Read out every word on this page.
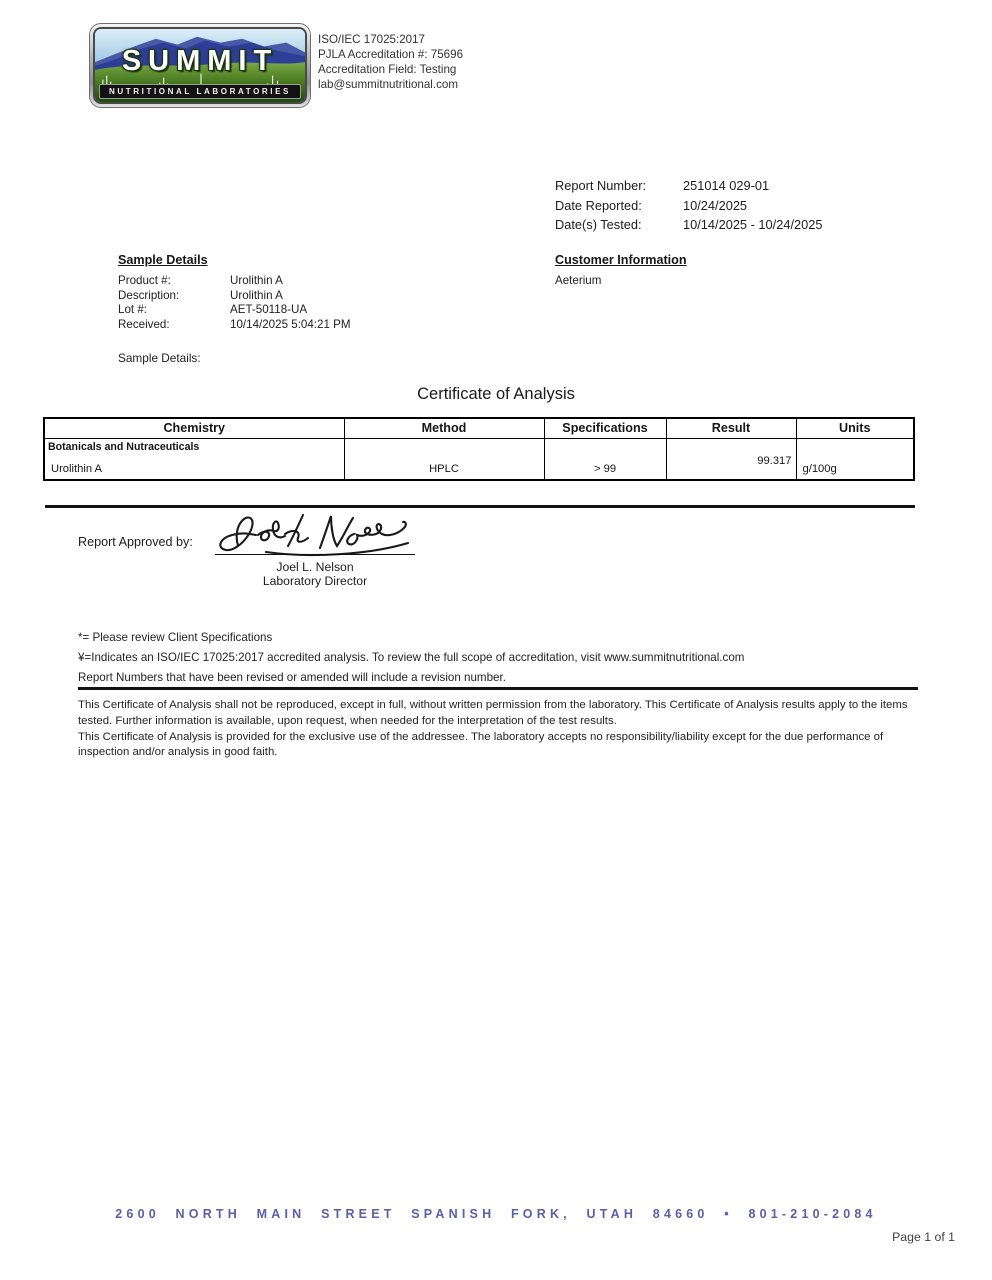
SUMMIT
NUTRITIONAL LABORATORIES
ISO/IEC 17025:2017
PJLA Accreditation #: 75696
Accreditation Field: Testing
lab@summitnutritional.com
Report Number:	251014 029-01
Date Reported:	10/24/2025
Date(s) Tested:	10/14/2025 - 10/24/2025
Sample Details	Customer Information
Product #:	Urolithin A
Description:	Urolithin A
Lot #:	AET-50118-UA
Received:	10/14/2025 5:04:21 PM
Aeterium
Sample Details:
Certificate of Analysis
Chemistry	Method	Specifications	Result	Units

Botanicals and Nutraceuticals
Urolithin A	HPLC	> 99	99.317	g/100g
Report Approved by:
Joel L. Nelson
Laboratory Director
*= Please review Client Specifications
¥=Indicates an ISO/IEC 17025:2017 accredited analysis. To review the full scope of accreditation, visit www.summitnutritional.com
Report Numbers that have been revised or amended will include a revision number.

This Certificate of Analysis shall not be reproduced, except in full, without written permission from the laboratory. This Certificate of Analysis results apply to the items tested. Further information is available, upon request, when needed for the interpretation of the test results.

This Certificate of Analysis is provided for the exclusive use of the addressee. The laboratory accepts no responsibility/liability except for the due performance of inspection and/or analysis in good faith.

2600 NORTH MAIN STREET SPANISH FORK, UTAH 84660 • 801-210-2084
Page 1 of 1
